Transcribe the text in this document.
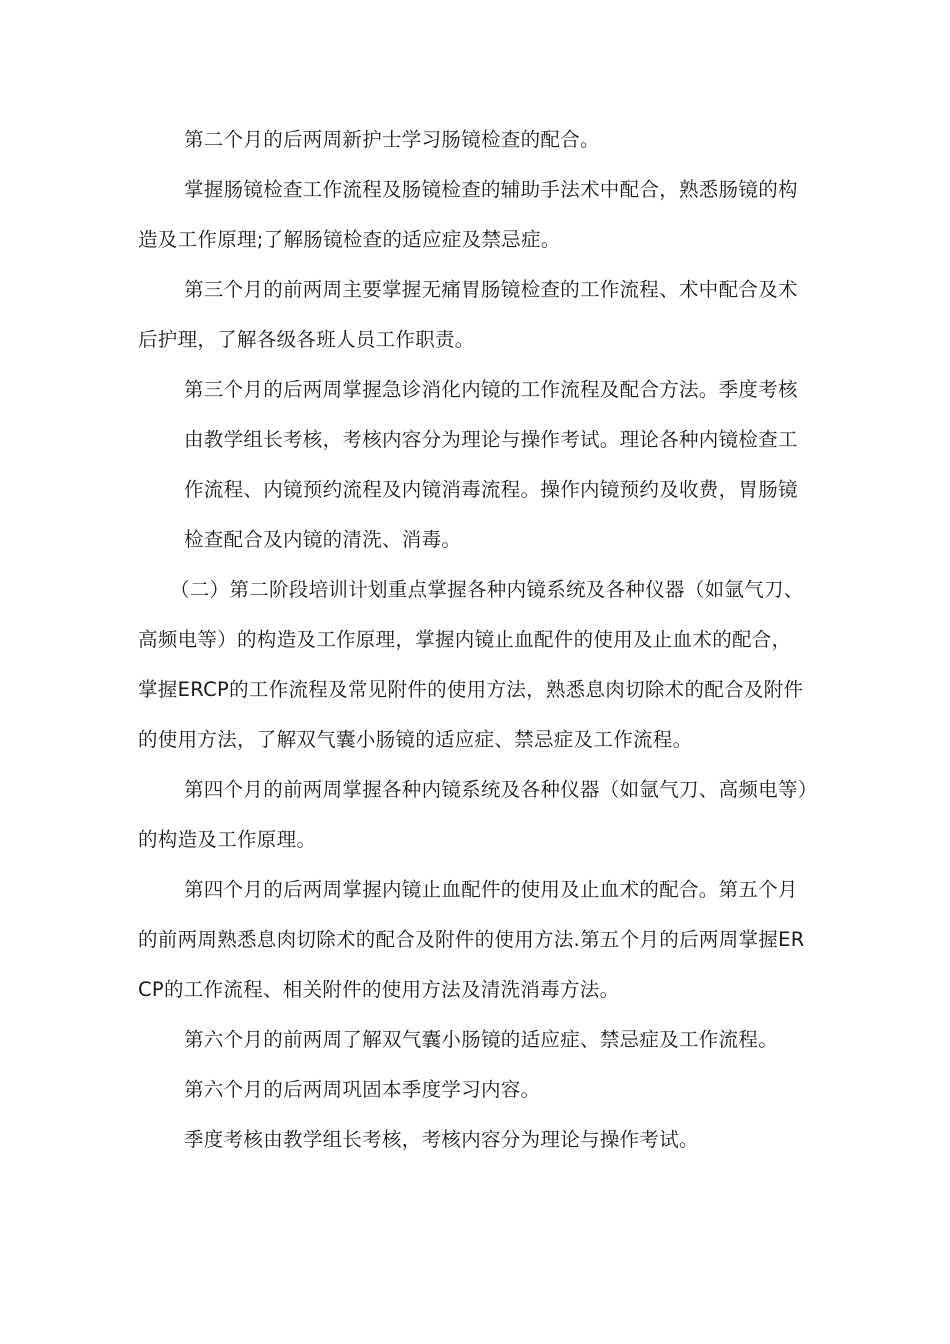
第二个月的后两周新护士学习肠镜检查的配合。

掌握肠镜检查工作流程及肠镜检查的辅助手法术中配合，熟悉肠镜的构造及工作原理;了解肠镜检查的适应症及禁忌症。

第三个月的前两周主要掌握无痛胃肠镜检查的工作流程、术中配合及术后护理，了解各级各班人员工作职责。

第三个月的后两周掌握急诊消化内镜的工作流程及配合方法。季度考核由教学组长考核，考核内容分为理论与操作考试。理论各种内镜检查工作流程、内镜预约流程及内镜消毒流程。操作内镜预约及收费，胃肠镜检查配合及内镜的清洗、消毒。

（二）第二阶段培训计划重点掌握各种内镜系统及各种仪器（如氩气刀、高频电等）的构造及工作原理，掌握内镜止血配件的使用及止血术的配合，掌握ERCP的工作流程及常见附件的使用方法，熟悉息肉切除术的配合及附件的使用方法，了解双气囊小肠镜的适应症、禁忌症及工作流程。

第四个月的前两周掌握各种内镜系统及各种仪器（如氩气刀、高频电等）的构造及工作原理。

第四个月的后两周掌握内镜止血配件的使用及止血术的配合。第五个月的前两周熟悉息肉切除术的配合及附件的使用方法.第五个月的后两周掌握ERCP的工作流程、相关附件的使用方法及清洗消毒方法。

第六个月的前两周了解双气囊小肠镜的适应症、禁忌症及工作流程。

第六个月的后两周巩固本季度学习内容。

季度考核由教学组长考核，考核内容分为理论与操作考试。
